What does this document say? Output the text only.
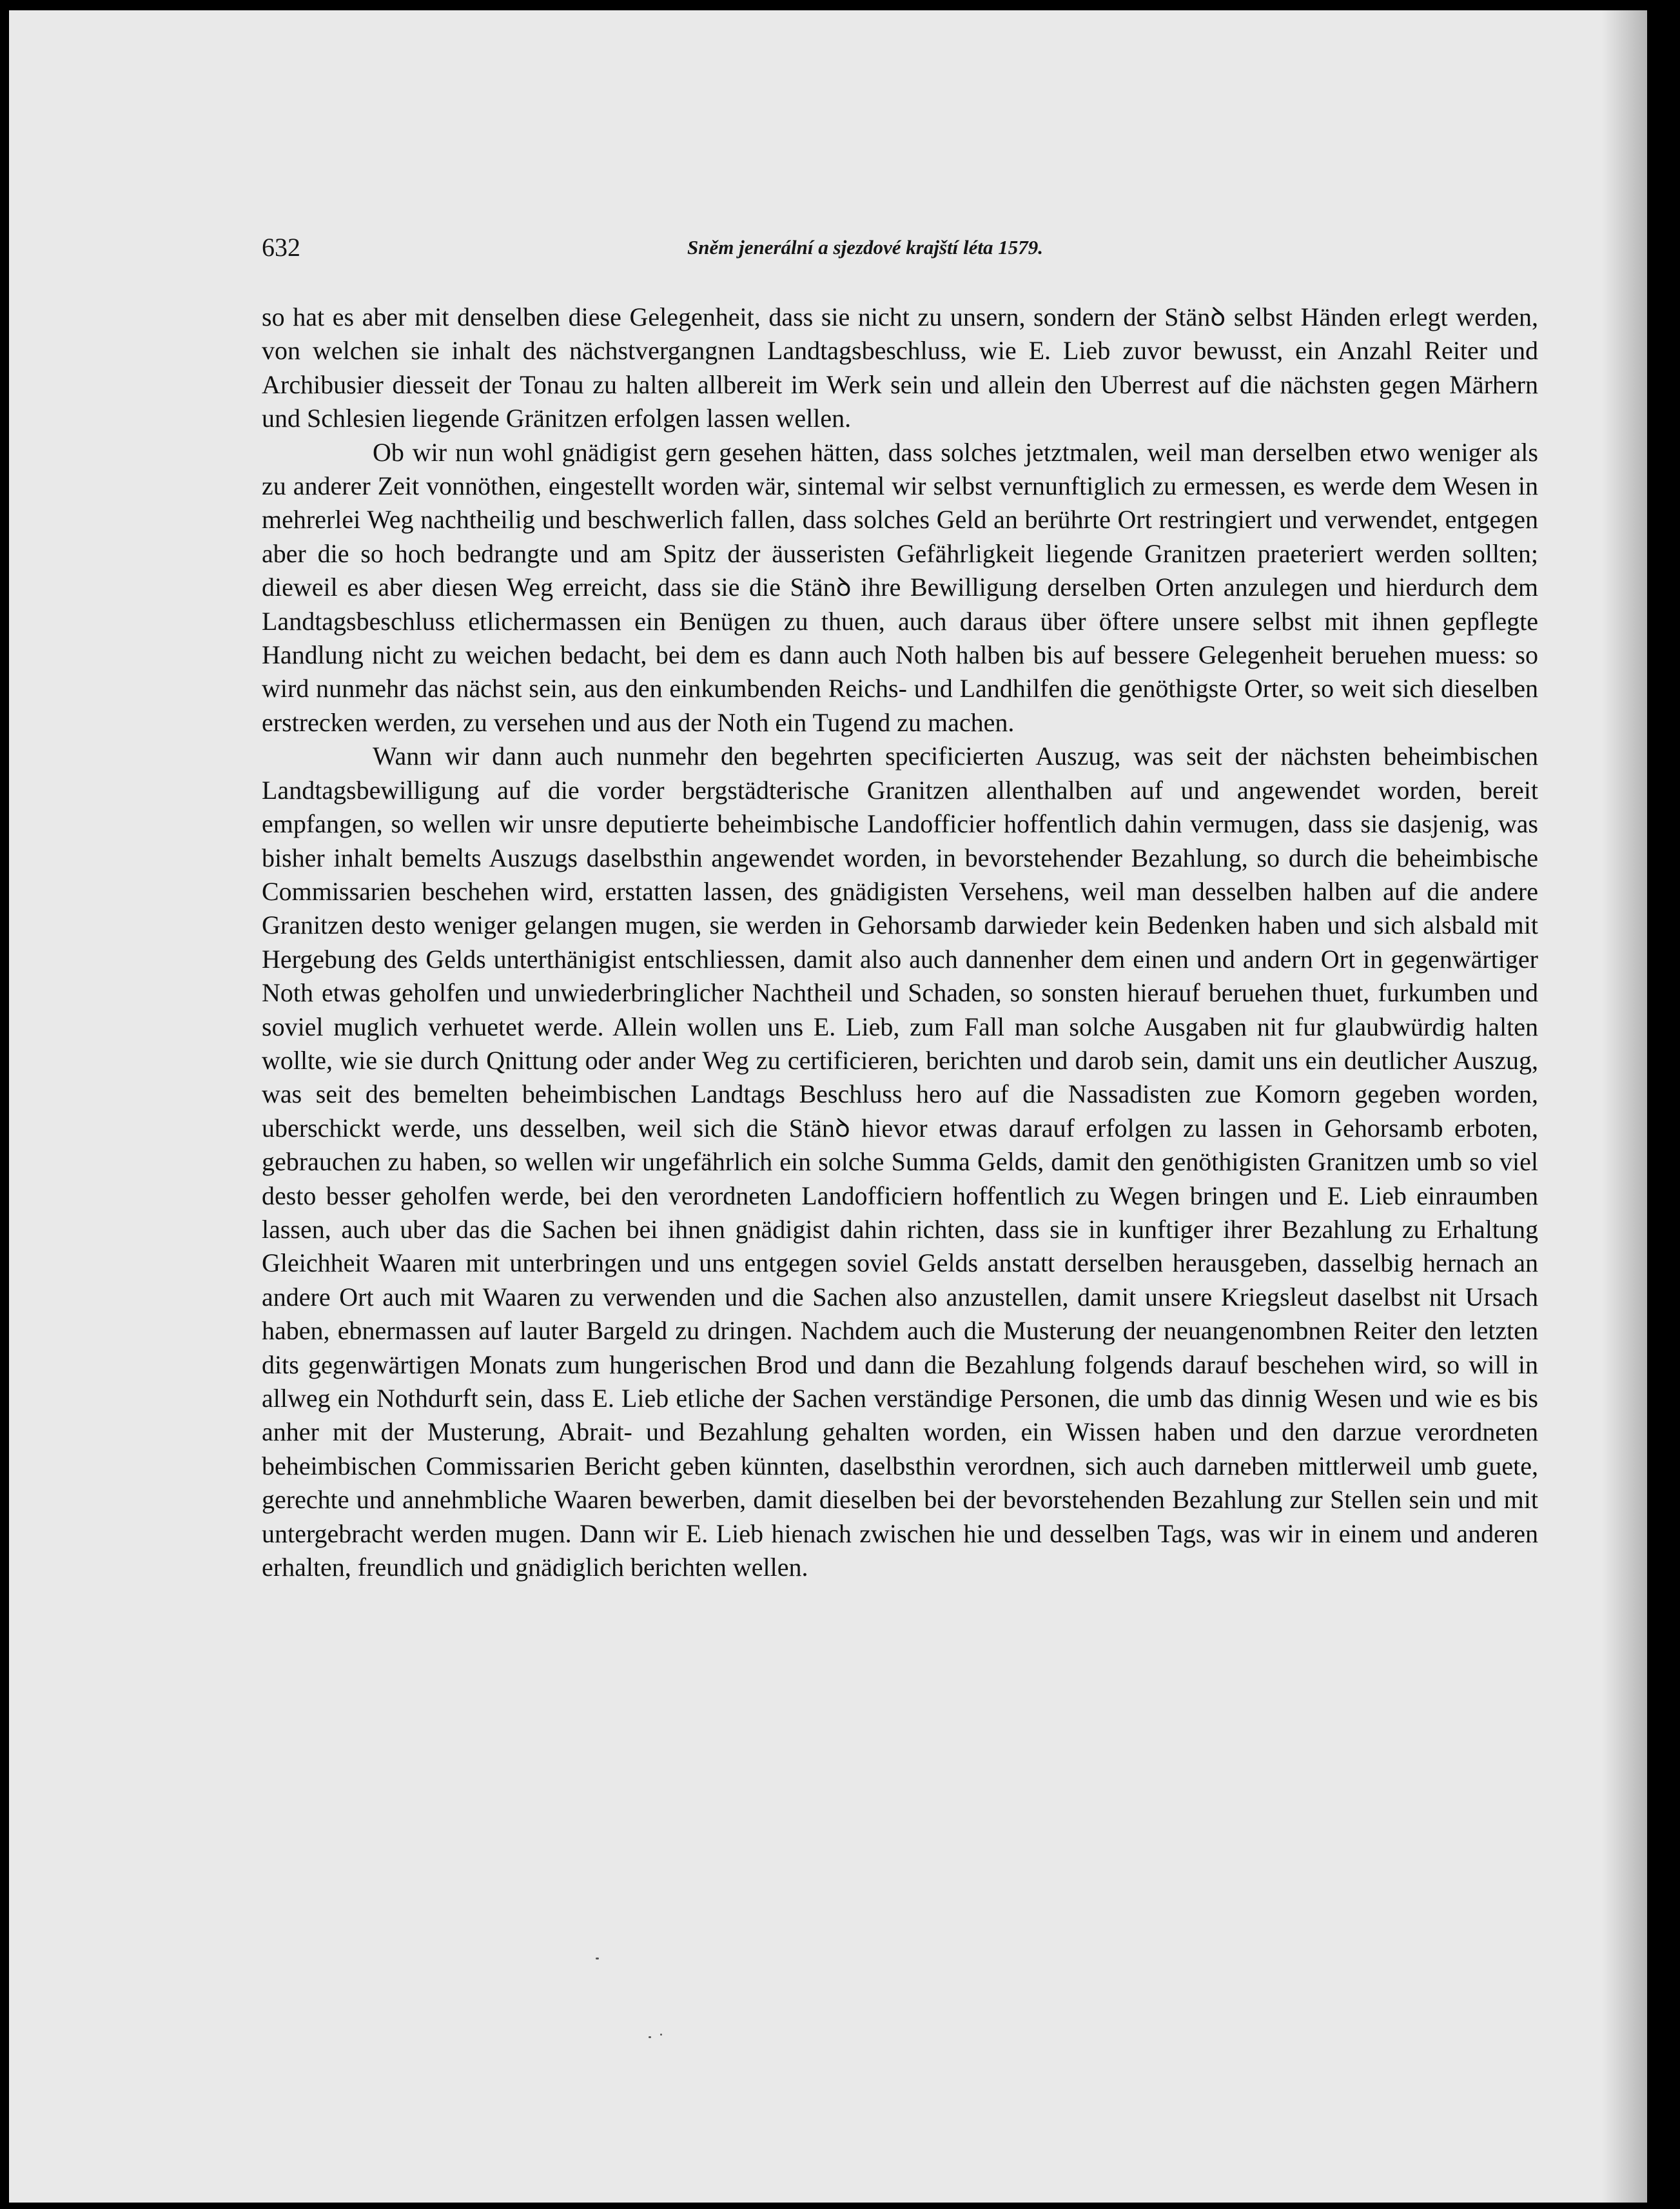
632	Sněm jenerální a sjezdové krajští léta 1579.

so hat es aber mit denselben diese Gelegenheit, dass sie nicht zu unsern, sondern der Stänꝺ selbst Händen erlegt werden, von welchen sie inhalt des nächstvergangnen Landtagsbeschluss, wie E. Lieb zuvor bewusst, ein Anzahl Reiter und Archibusier diesseit der Tonau zu halten allbereit im Werk sein und allein den Uberrest auf die nächsten gegen Märhern und Schlesien liegende Gränitzen erfolgen lassen wellen.

Ob wir nun wohl gnädigist gern gesehen hätten, dass solches jetztmalen, weil man derselben etwo weniger als zu anderer Zeit vonnöthen, eingestellt worden wär, sintemal wir selbst vernunftiglich zu ermessen, es werde dem Wesen in mehrerlei Weg nachtheilig und beschwerlich fallen, dass solches Geld an berührte Ort restringiert und verwendet, entgegen aber die so hoch bedrangte und am Spitz der äusseristen Gefährligkeit liegende Granitzen praeteriert werden sollten; dieweil es aber diesen Weg erreicht, dass sie die Stänꝺ ihre Bewilligung derselben Orten anzulegen und hierdurch dem Landtagsbeschluss etlichermassen ein Benügen zu thuen, auch daraus über öftere unsere selbst mit ihnen gepflegte Handlung nicht zu weichen bedacht, bei dem es dann auch Noth halben bis auf bessere Gelegenheit beruehen muess: so wird nunmehr das nächst sein, aus den einkumbenden Reichs- und Landhilfen die genöthigste Orter, so weit sich dieselben erstrecken werden, zu versehen und aus der Noth ein Tugend zu machen.

Wann wir dann auch nunmehr den begehrten specificierten Auszug, was seit der nächsten beheimbischen Landtagsbewilligung auf die vorder bergstädterische Granitzen allenthalben auf und angewendet worden, bereit empfangen, so wellen wir unsre deputierte beheimbische Landofficier hoffentlich dahin vermugen, dass sie dasjenig, was bisher inhalt bemelts Auszugs daselbsthin angewendet worden, in bevorstehender Bezahlung, so durch die beheimbische Commissarien beschehen wird, erstatten lassen, des gnädigisten Versehens, weil man desselben halben auf die andere Granitzen desto weniger gelangen mugen, sie werden in Gehorsamb darwieder kein Bedenken haben und sich alsbald mit Hergebung des Gelds unterthänigist entschliessen, damit also auch dannenher dem einen und andern Ort in gegenwärtiger Noth etwas geholfen und unwiederbringlicher Nachtheil und Schaden, so sonsten hierauf beruehen thuet, furkumben und soviel muglich verhuetet werde. Allein wollen uns E. Lieb, zum Fall man solche Ausgaben nit fur glaubwürdig halten wollte, wie sie durch Qnittung oder ander Weg zu certificieren, berichten und darob sein, damit uns ein deutlicher Auszug, was seit des bemelten beheimbischen Landtags Beschluss hero auf die Nassadisten zue Komorn gegeben worden, uberschickt werde, uns desselben, weil sich die Stänꝺ hievor etwas darauf erfolgen zu lassen in Gehorsamb erboten, gebrauchen zu haben, so wellen wir ungefährlich ein solche Summa Gelds, damit den genöthigisten Granitzen umb so viel desto besser geholfen werde, bei den verordneten Landofficiern hoffentlich zu Wegen bringen und E. Lieb einraumben lassen, auch uber das die Sachen bei ihnen gnädigist dahin richten, dass sie in kunftiger ihrer Bezahlung zu Erhaltung Gleichheit Waaren mit unterbringen und uns entgegen soviel Gelds anstatt derselben herausgeben, dasselbig hernach an andere Ort auch mit Waaren zu verwenden und die Sachen also anzustellen, damit unsere Kriegsleut daselbst nit Ursach haben, ebnermassen auf lauter Bargeld zu dringen. Nachdem auch die Musterung der neuangenombnen Reiter den letzten dits gegenwärtigen Monats zum hungerischen Brod und dann die Bezahlung folgends darauf beschehen wird, so will in allweg ein Nothdurft sein, dass E. Lieb etliche der Sachen verständige Personen, die umb das dinnig Wesen und wie es bis anher mit der Musterung, Abrait- und Bezahlung gehalten worden, ein Wissen haben und den darzue verordneten beheimbischen Commissarien Bericht geben künnten, daselbsthin verordnen, sich auch darneben mittlerweil umb guete, gerechte und annehmbliche Waaren bewerben, damit dieselben bei der bevorstehenden Bezahlung zur Stellen sein und mit untergebracht werden mugen. Dann wir E. Lieb hienach zwischen hie und desselben Tags, was wir in einem und anderen erhalten, freundlich und gnädiglich berichten wellen.
